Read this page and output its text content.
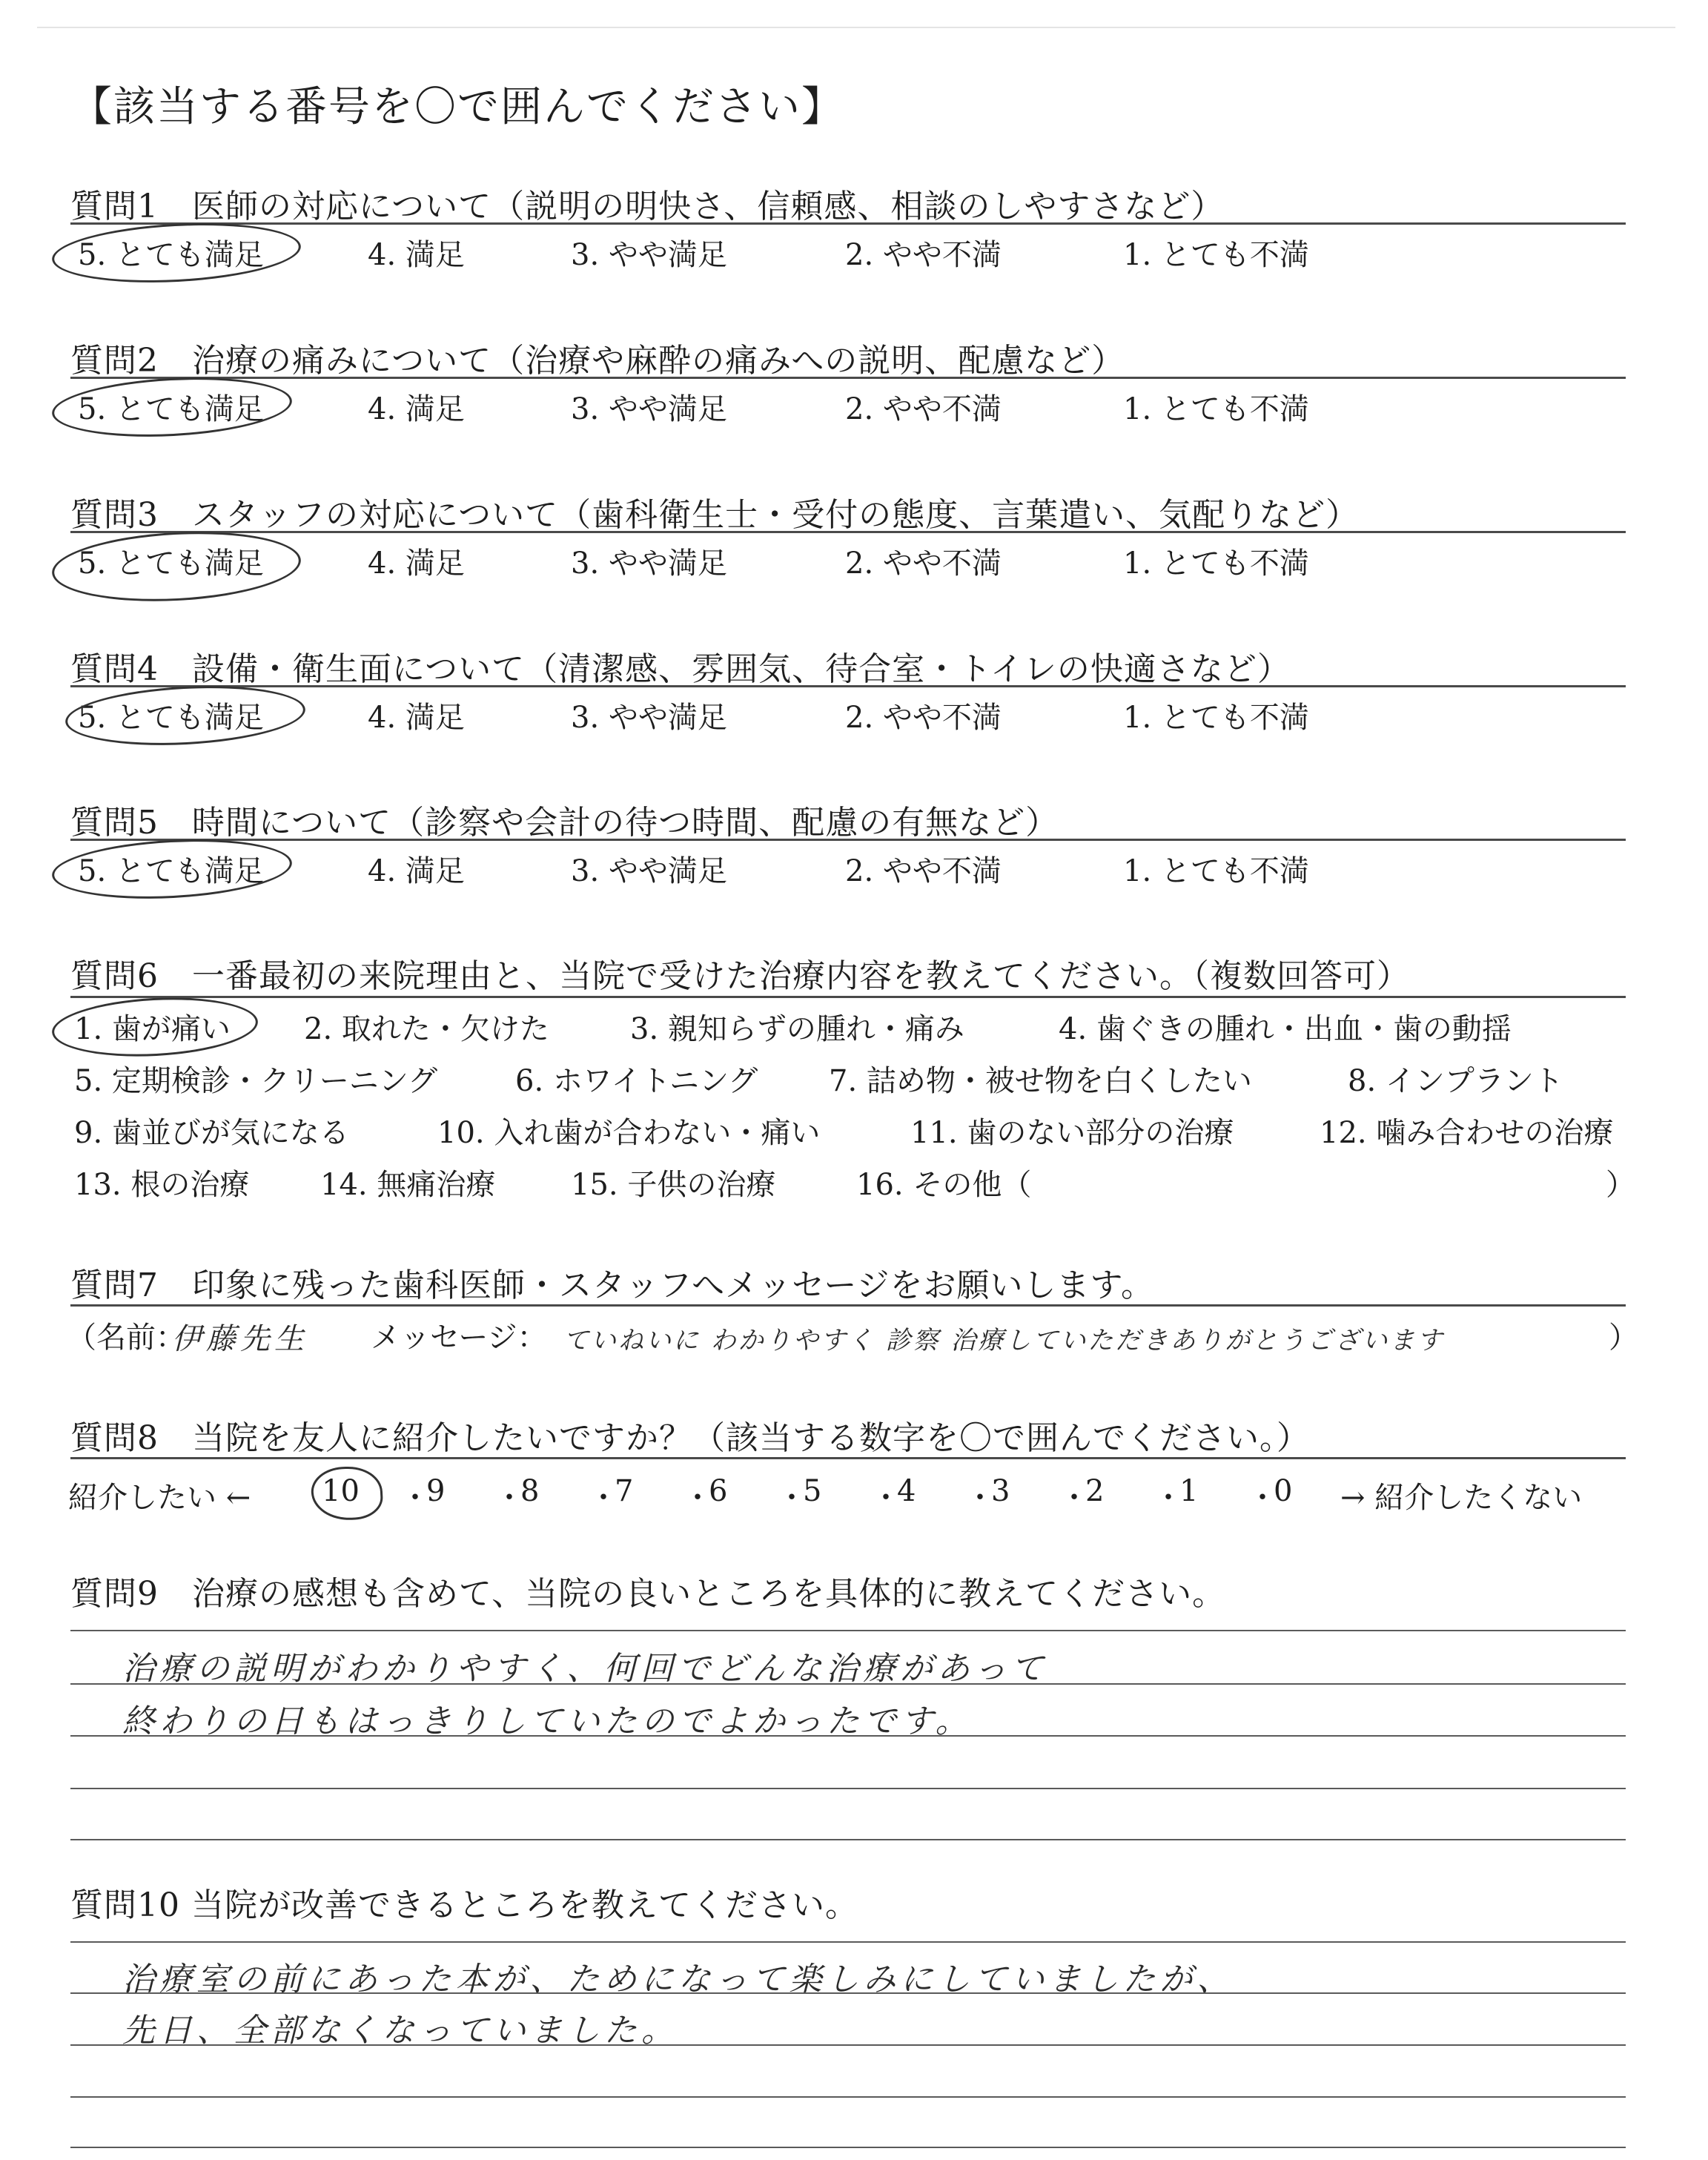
【該当する番号を〇で囲んでください】
質問1　医師の対応について（説明の明快さ、信頼感、相談のしやすさなど）
5. とても満足	4. 満足	3. やや満足	2. やや不満	1. とても不満
質問2　治療の痛みについて（治療や麻酔の痛みへの説明、配慮など）
5. とても満足	4. 満足	3. やや満足	2. やや不満	1. とても不満
質問3　スタッフの対応について（歯科衛生士・受付の態度、言葉遣い、気配りなど）
5. とても満足	4. 満足	3. やや満足	2. やや不満	1. とても不満
質問4　設備・衛生面について（清潔感、雰囲気、待合室・トイレの快適さなど）
5. とても満足	4. 満足	3. やや満足	2. やや不満	1. とても不満
質問5　時間について（診察や会計の待つ時間、配慮の有無など）
5. とても満足	4. 満足	3. やや満足	2. やや不満	1. とても不満
質問6　一番最初の来院理由と、当院で受けた治療内容を教えてください。（複数回答可）
1. 歯が痛い 2. 取れた・欠けた	3. 親知らずの腫れ・痛み	4. 歯ぐきの腫れ・出血・歯の動揺
5. 定期検診・クリーニング	6. ホワイトニング 7. 詰め物・被せ物を白くしたい	8. インプラント
9. 歯並びが気になる	10. 入れ歯が合わない・痛い	11. 歯のない部分の治療	12. 噛み合わせの治療
13. 根の治療 14. 無痛治療	15. 子供の治療	16. その他（	）
質問7　印象に残った歯科医師・スタッフへメッセージをお願いします。
（名前：
伊藤先生 メッセージ： ていねいに わかりやすく 診察 治療していただきありがとうございます	）
質問8　当院を友人に紹介したいですか？（該当する数字を〇で囲んでください。）
紹介したい ← 10 ・
9 ・
8 ・
7 ・
6 ・
5 ・
4 ・
3 ・
2 ・
1 ・
0 → 紹介したくない
質問9　治療の感想も含めて、当院の良いところを具体的に教えてください。
治療の説明がわかりやすく、何回でどんな治療があって
終わりの日もはっきりしていたのでよかったです。
質問10 当院が改善できるところを教えてください。
治療室の前にあった本が、ためになって楽しみにしていましたが、
先日、全部なくなっていました。
